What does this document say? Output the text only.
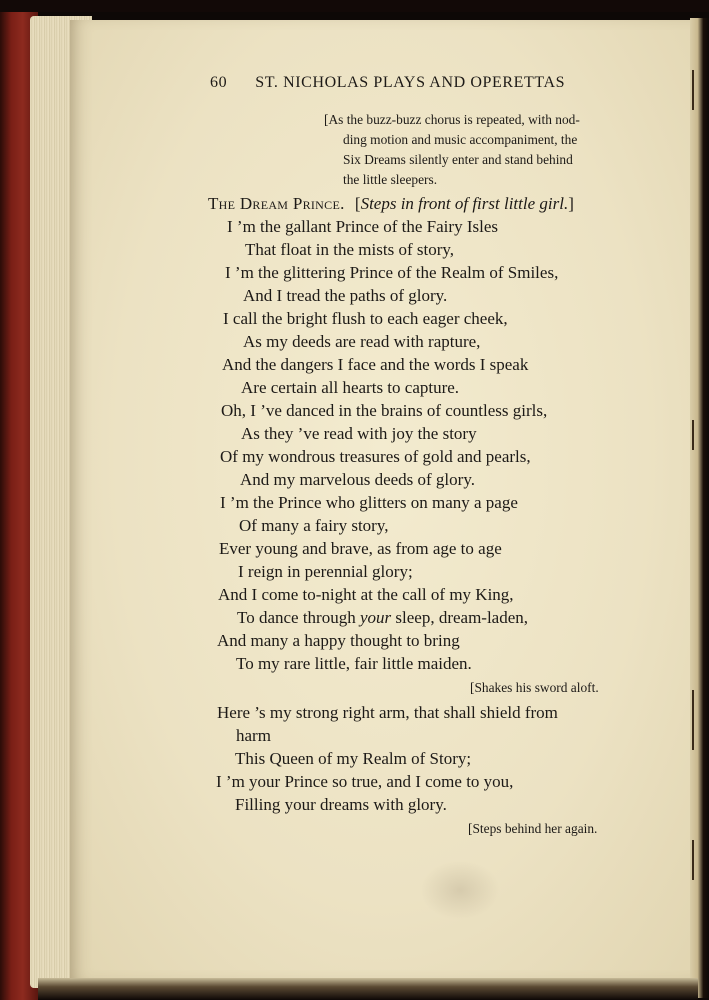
60 ST. NICHOLAS PLAYS AND OPERETTAS
[As the buzz-buzz chorus is repeated, with nod-
ding motion and music accompaniment, the
Six Dreams silently enter and stand behind
the little sleepers.
The Dream Prince. [Steps in front of first little girl.]
I ’m the gallant Prince of the Fairy Isles
That float in the mists of story,
I ’m the glittering Prince of the Realm of Smiles,
And I tread the paths of glory.
I call the bright flush to each eager cheek,
As my deeds are read with rapture,
And the dangers I face and the words I speak
Are certain all hearts to capture.
Oh, I ’ve danced in the brains of countless girls,
As they ’ve read with joy the story
Of my wondrous treasures of gold and pearls,
And my marvelous deeds of glory.
I ’m the Prince who glitters on many a page
Of many a fairy story,
Ever young and brave, as from age to age
I reign in perennial glory;
And I come to-night at the call of my King,
To dance through your sleep, dream-laden,
And many a happy thought to bring
To my rare little, fair little maiden.
[Shakes his sword aloft.
Here ’s my strong right arm, that shall shield from
harm
This Queen of my Realm of Story;
I ’m your Prince so true, and I come to you,
Filling your dreams with glory.
[Steps behind her again.
